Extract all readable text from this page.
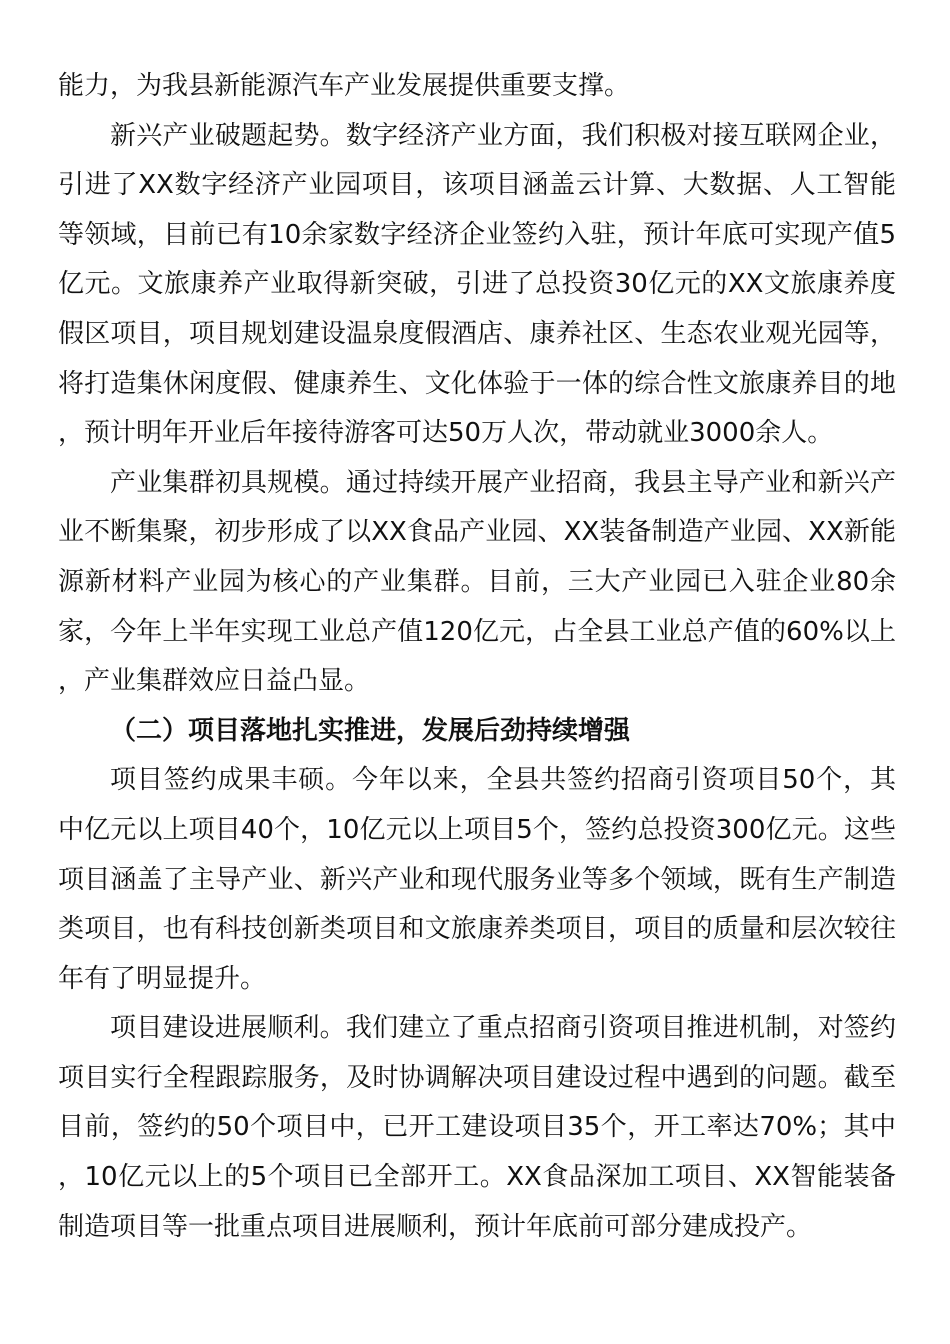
能力，为我县新能源汽车产业发展提供重要支撑。

新兴产业破题起势。数字经济产业方面，我们积极对接互联网企业，引进了XX数字经济产业园项目，该项目涵盖云计算、大数据、人工智能等领域，目前已有10余家数字经济企业签约入驻，预计年底可实现产值5亿元。文旅康养产业取得新突破，引进了总投资30亿元的XX文旅康养度假区项目，项目规划建设温泉度假酒店、康养社区、生态农业观光园等，将打造集休闲度假、健康养生、文化体验于一体的综合性文旅康养目的地，预计明年开业后年接待游客可达50万人次，带动就业3000余人。

产业集群初具规模。通过持续开展产业招商，我县主导产业和新兴产业不断集聚，初步形成了以XX食品产业园、XX装备制造产业园、XX新能源新材料产业园为核心的产业集群。目前，三大产业园已入驻企业80余家，今年上半年实现工业总产值120亿元，占全县工业总产值的60%以上，产业集群效应日益凸显。

（二）项目落地扎实推进，发展后劲持续增强

项目签约成果丰硕。今年以来，全县共签约招商引资项目50个，其中亿元以上项目40个，10亿元以上项目5个，签约总投资300亿元。这些项目涵盖了主导产业、新兴产业和现代服务业等多个领域，既有生产制造类项目，也有科技创新类项目和文旅康养类项目，项目的质量和层次较往年有了明显提升。

项目建设进展顺利。我们建立了重点招商引资项目推进机制，对签约项目实行全程跟踪服务，及时协调解决项目建设过程中遇到的问题。截至目前，签约的50个项目中，已开工建设项目35个，开工率达70%；其中，10亿元以上的5个项目已全部开工。XX食品深加工项目、XX智能装备制造项目等一批重点项目进展顺利，预计年底前可部分建成投产。
